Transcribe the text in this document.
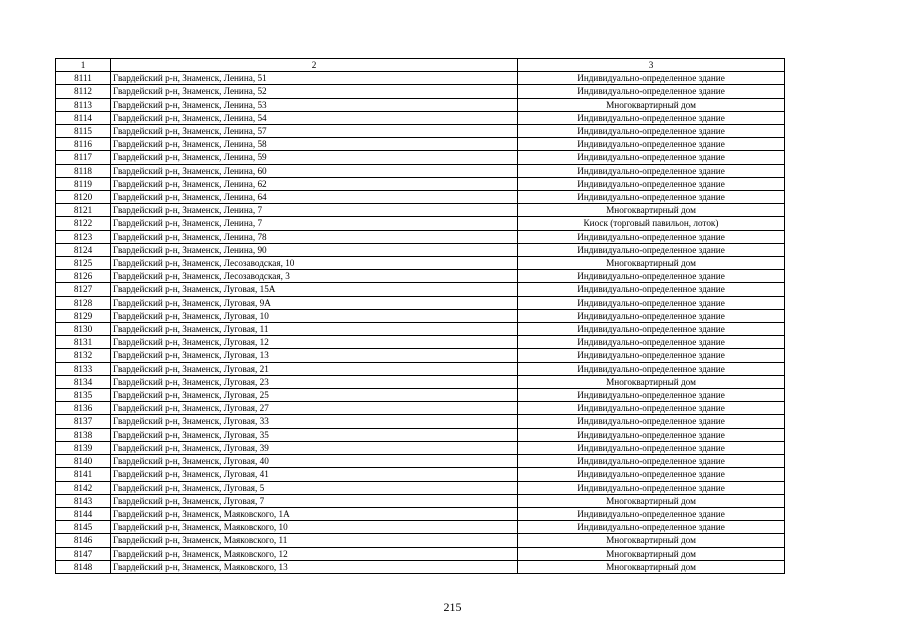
1	2	3
8111	Гвардейский р-н, Знаменск, Ленина, 51	Индивидуально-определенное здание
8112	Гвардейский р-н, Знаменск, Ленина, 52	Индивидуально-определенное здание
8113	Гвардейский р-н, Знаменск, Ленина, 53	Многоквартирный дом
8114	Гвардейский р-н, Знаменск, Ленина, 54	Индивидуально-определенное здание
8115	Гвардейский р-н, Знаменск, Ленина, 57	Индивидуально-определенное здание
8116	Гвардейский р-н, Знаменск, Ленина, 58	Индивидуально-определенное здание
8117	Гвардейский р-н, Знаменск, Ленина, 59	Индивидуально-определенное здание
8118	Гвардейский р-н, Знаменск, Ленина, 60	Индивидуально-определенное здание
8119	Гвардейский р-н, Знаменск, Ленина, 62	Индивидуально-определенное здание
8120	Гвардейский р-н, Знаменск, Ленина, 64	Индивидуально-определенное здание
8121	Гвардейский р-н, Знаменск, Ленина, 7	Многоквартирный дом
8122	Гвардейский р-н, Знаменск, Ленина, 7	Киоск (торговый павильон, лоток)
8123	Гвардейский р-н, Знаменск, Ленина, 78	Индивидуально-определенное здание
8124	Гвардейский р-н, Знаменск, Ленина, 90	Индивидуально-определенное здание
8125	Гвардейский р-н, Знаменск, Лесозаводская, 10	Многоквартирный дом
8126	Гвардейский р-н, Знаменск, Лесозаводская, 3	Индивидуально-определенное здание
8127	Гвардейский р-н, Знаменск, Луговая, 15А	Индивидуально-определенное здание
8128	Гвардейский р-н, Знаменск, Луговая, 9А	Индивидуально-определенное здание
8129	Гвардейский р-н, Знаменск, Луговая, 10	Индивидуально-определенное здание
8130	Гвардейский р-н, Знаменск, Луговая, 11	Индивидуально-определенное здание
8131	Гвардейский р-н, Знаменск, Луговая, 12	Индивидуально-определенное здание
8132	Гвардейский р-н, Знаменск, Луговая, 13	Индивидуально-определенное здание
8133	Гвардейский р-н, Знаменск, Луговая, 21	Индивидуально-определенное здание
8134	Гвардейский р-н, Знаменск, Луговая, 23	Многоквартирный дом
8135	Гвардейский р-н, Знаменск, Луговая, 25	Индивидуально-определенное здание
8136	Гвардейский р-н, Знаменск, Луговая, 27	Индивидуально-определенное здание
8137	Гвардейский р-н, Знаменск, Луговая, 33	Индивидуально-определенное здание
8138	Гвардейский р-н, Знаменск, Луговая, 35	Индивидуально-определенное здание
8139	Гвардейский р-н, Знаменск, Луговая, 39	Индивидуально-определенное здание
8140	Гвардейский р-н, Знаменск, Луговая, 40	Индивидуально-определенное здание
8141	Гвардейский р-н, Знаменск, Луговая, 41	Индивидуально-определенное здание
8142	Гвардейский р-н, Знаменск, Луговая, 5	Индивидуально-определенное здание
8143	Гвардейский р-н, Знаменск, Луговая, 7	Многоквартирный дом
8144	Гвардейский р-н, Знаменск, Маяковского, 1А	Индивидуально-определенное здание
8145	Гвардейский р-н, Знаменск, Маяковского, 10	Индивидуально-определенное здание
8146	Гвардейский р-н, Знаменск, Маяковского, 11	Многоквартирный дом
8147	Гвардейский р-н, Знаменск, Маяковского, 12	Многоквартирный дом
8148	Гвардейский р-н, Знаменск, Маяковского, 13	Многоквартирный дом
215
